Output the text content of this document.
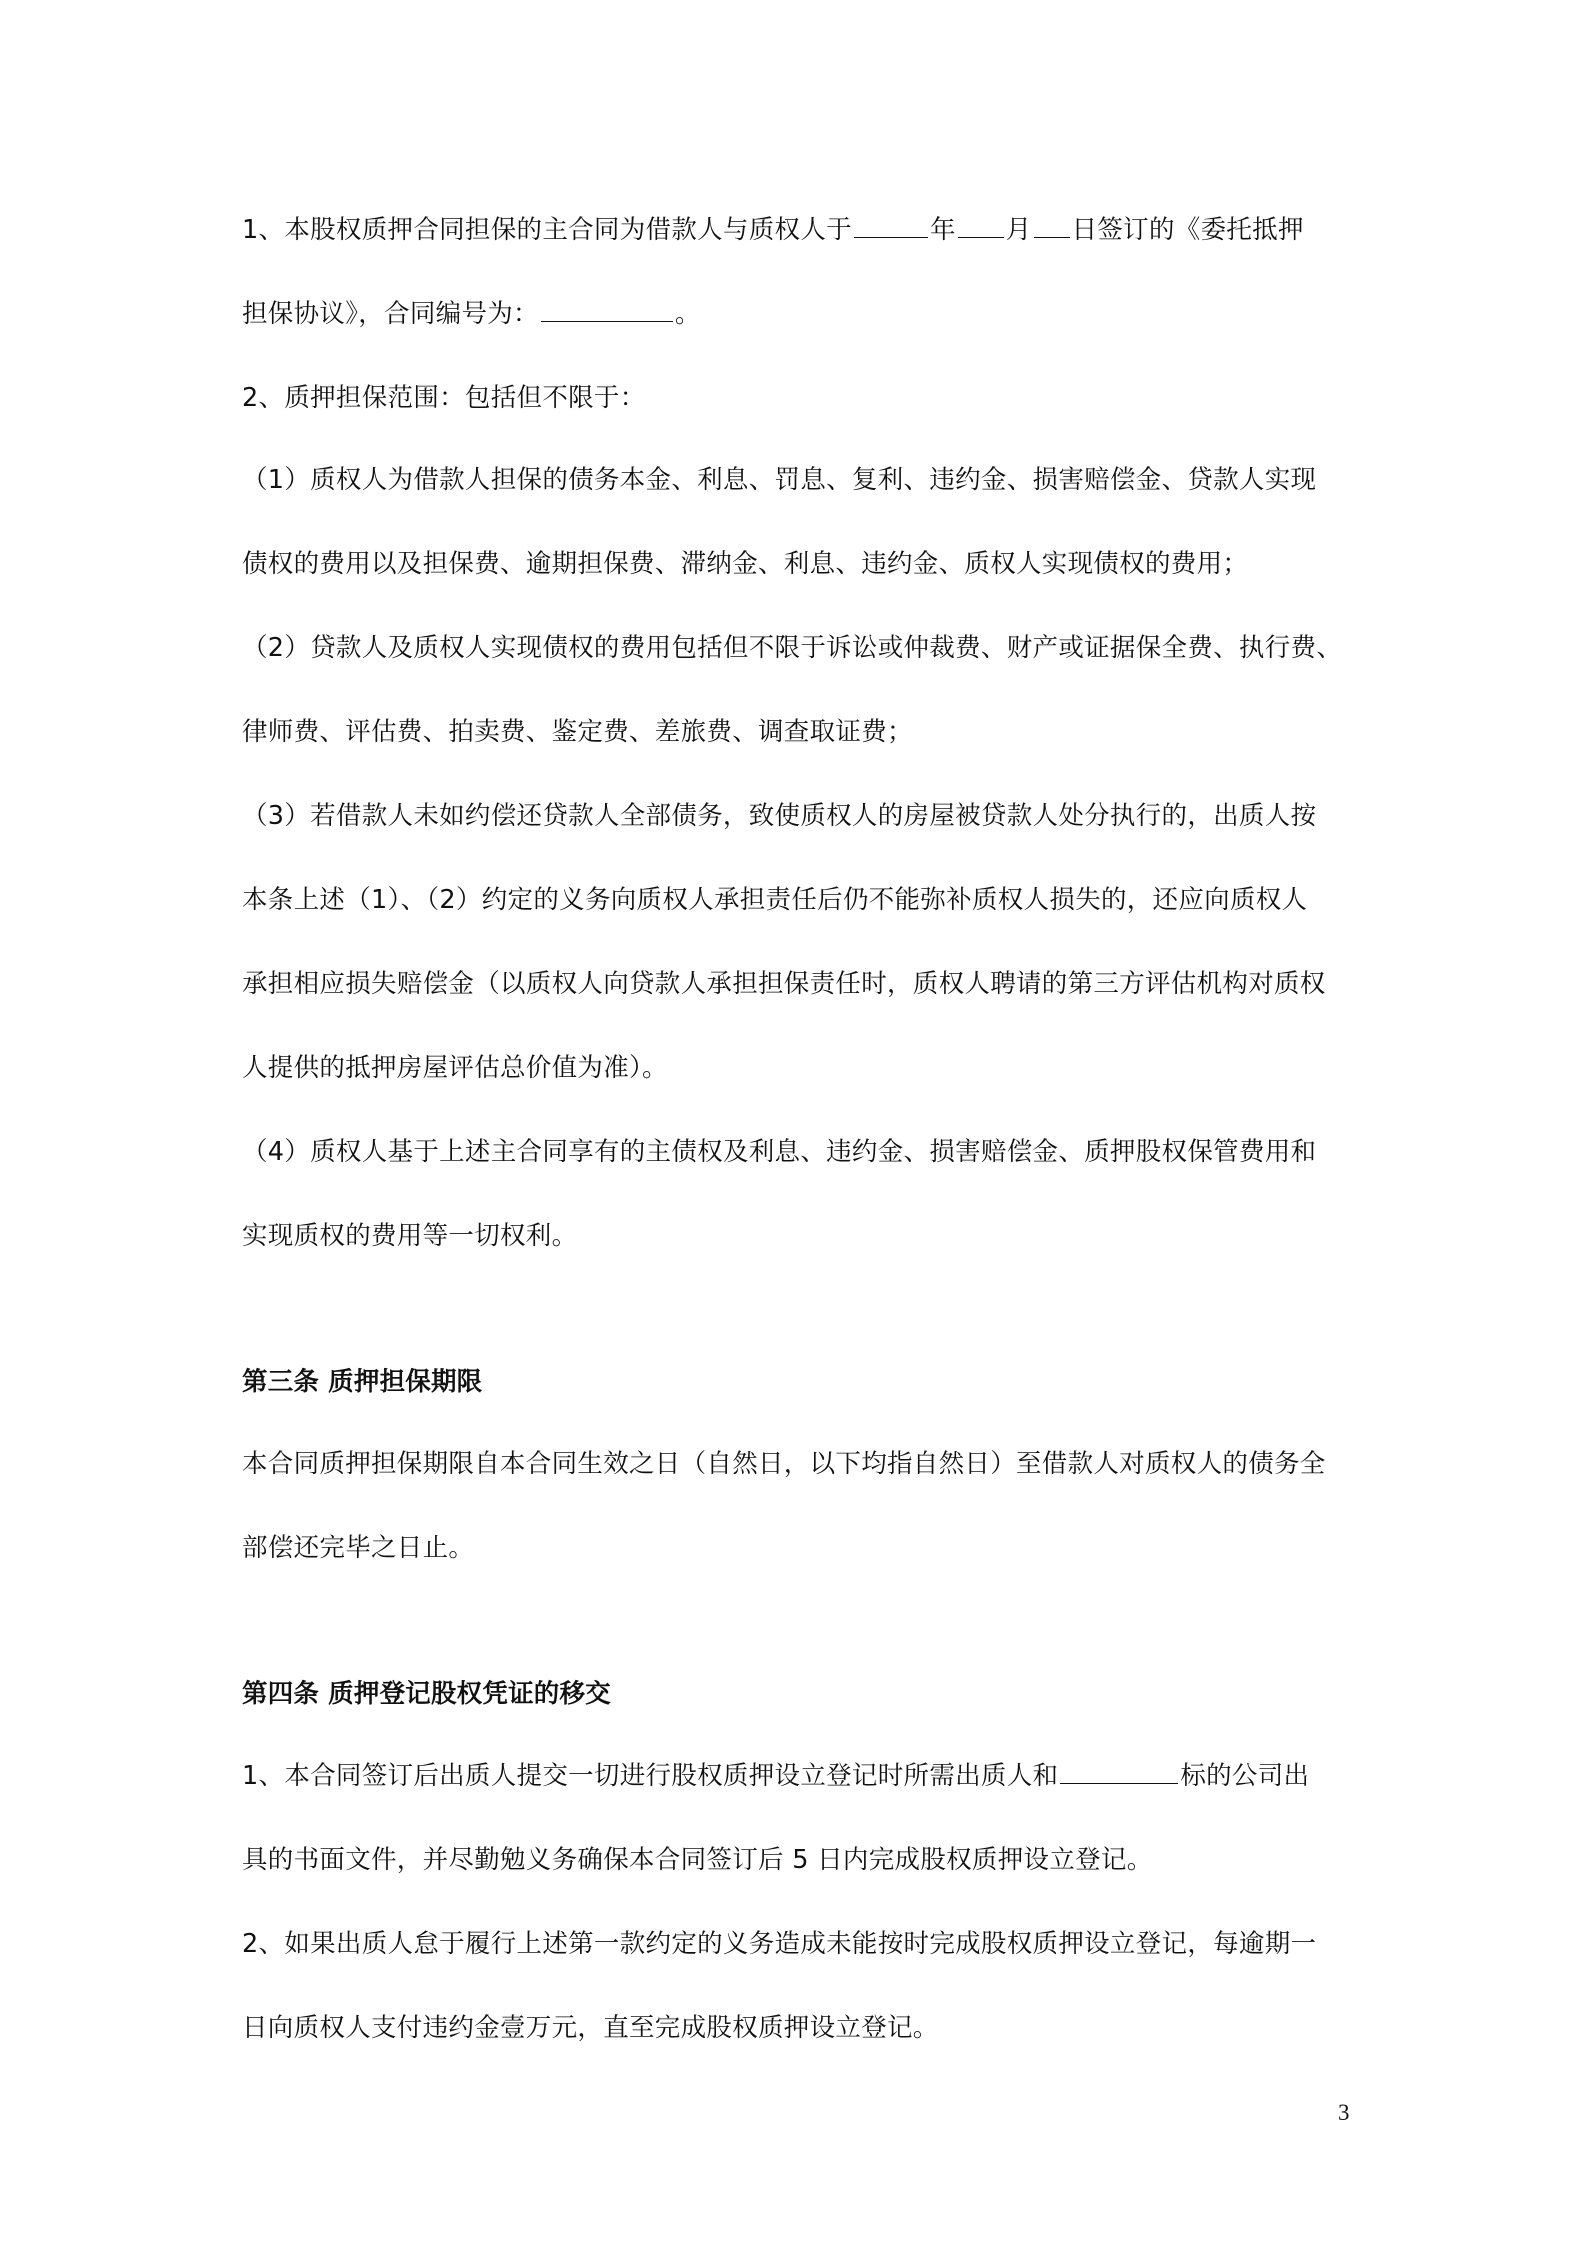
1、本股权质押合同担保的主合同为借款人与质权人于	年 月 日签订的《委托抵押
担保协议》，合同编号为：	。
2、质押担保范围：包括但不限于：
（1）质权人为借款人担保的债务本金、利息、罚息、复利、违约金、损害赔偿金、贷款人实现
债权的费用以及担保费、逾期担保费、滞纳金、利息、违约金、质权人实现债权的费用；
（2）贷款人及质权人实现债权的费用包括但不限于诉讼或仲裁费、财产或证据保全费、执行费、
律师费、评估费、拍卖费、鉴定费、差旅费、调查取证费；
（3）若借款人未如约偿还贷款人全部债务，致使质权人的房屋被贷款人处分执行的，出质人按
本条上述（1）、（2）约定的义务向质权人承担责任后仍不能弥补质权人损失的，还应向质权人
承担相应损失赔偿金（以质权人向贷款人承担担保责任时，质权人聘请的第三方评估机构对质权
人提供的抵押房屋评估总价值为准）。
（4）质权人基于上述主合同享有的主债权及利息、违约金、损害赔偿金、质押股权保管费用和
实现质权的费用等一切权利。
第三条 质押担保期限
本合同质押担保期限自本合同生效之日（自然日，以下均指自然日）至借款人对质权人的债务全
部偿还完毕之日止。
第四条 质押登记股权凭证的移交
1、本合同签订后出质人提交一切进行股权质押设立登记时所需出质人和	标的公司出
具的书面文件，并尽勤勉义务确保本合同签订后 5 日内完成股权质押设立登记。
2、如果出质人怠于履行上述第一款约定的义务造成未能按时完成股权质押设立登记，每逾期一
日向质权人支付违约金壹万元，直至完成股权质押设立登记。
3
